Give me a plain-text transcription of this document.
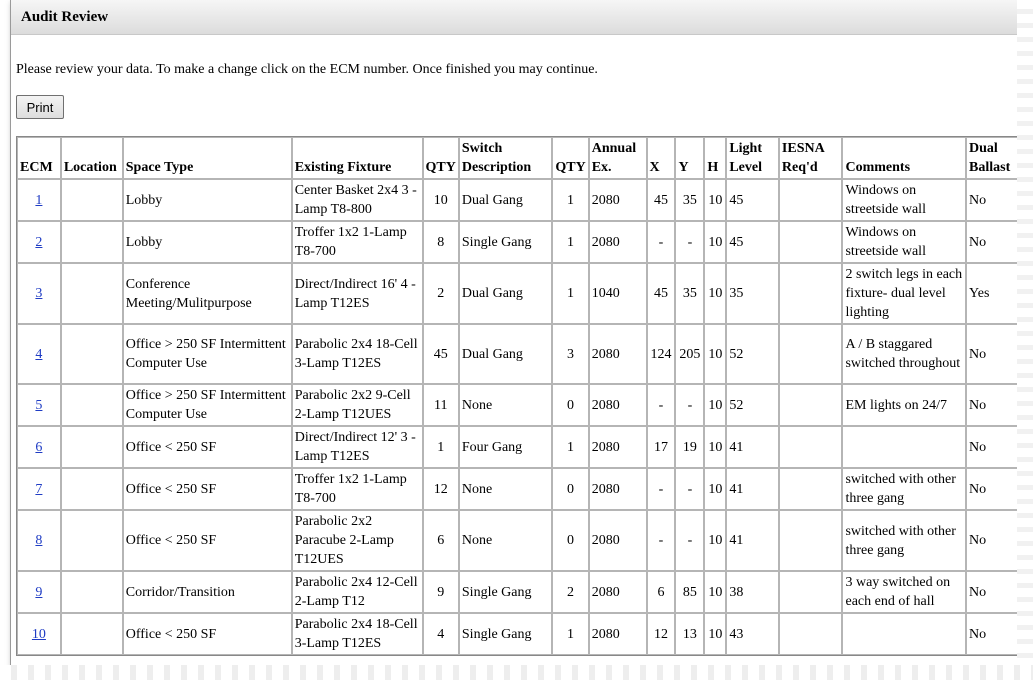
Audit Review
Please review your data. To make a change click on the ECM number. Once finished you may continue.
Print
ECM	Location	Space Type	Existing Fixture	QTY	Switch Description	QTY	Annual Ex.	X	Y	H	Light Level	IESNA Req'd	Comments	Dual Ballast
1		Lobby	Center Basket 2x4 3 -Lamp T8-800	10	Dual Gang	1	2080	45	35	10	45		Windows on streetside wall	No
2		Lobby	Troffer 1x2 1-Lamp T8-700	8	Single Gang	1	2080	-	-	10	45		Windows on streetside wall	No
3		Conference Meeting/Mulitpurpose	Direct/Indirect 16' 4 -Lamp T12ES	2	Dual Gang	1	1040	45	35	10	35		2 switch legs in each fixture- dual level lighting	Yes
4		Office > 250 SF Intermittent Computer Use	Parabolic 2x4 18-Cell 3-Lamp T12ES	45	Dual Gang	3	2080	124	205	10	52		A / B staggared switched throughout	No
5		Office > 250 SF Intermittent Computer Use	Parabolic 2x2 9-Cell 2-Lamp T12UES	11	None	0	2080	-	-	10	52		EM lights on 24/7	No
6		Office < 250 SF	Direct/Indirect 12' 3 -Lamp T12ES	1	Four Gang	1	2080	17	19	10	41			No
7		Office < 250 SF	Troffer 1x2 1-Lamp T8-700	12	None	0	2080	-	-	10	41		switched with other three gang	No
8		Office < 250 SF	Parabolic 2x2 Paracube 2-Lamp T12UES	6	None	0	2080	-	-	10	41		switched with other three gang	No
9		Corridor/Transition	Parabolic 2x4 12-Cell 2-Lamp T12	9	Single Gang	2	2080	6	85	10	38		3 way switched on each end of hall	No
10		Office < 250 SF	Parabolic 2x4 18-Cell 3-Lamp T12ES	4	Single Gang	1	2080	12	13	10	43			No
